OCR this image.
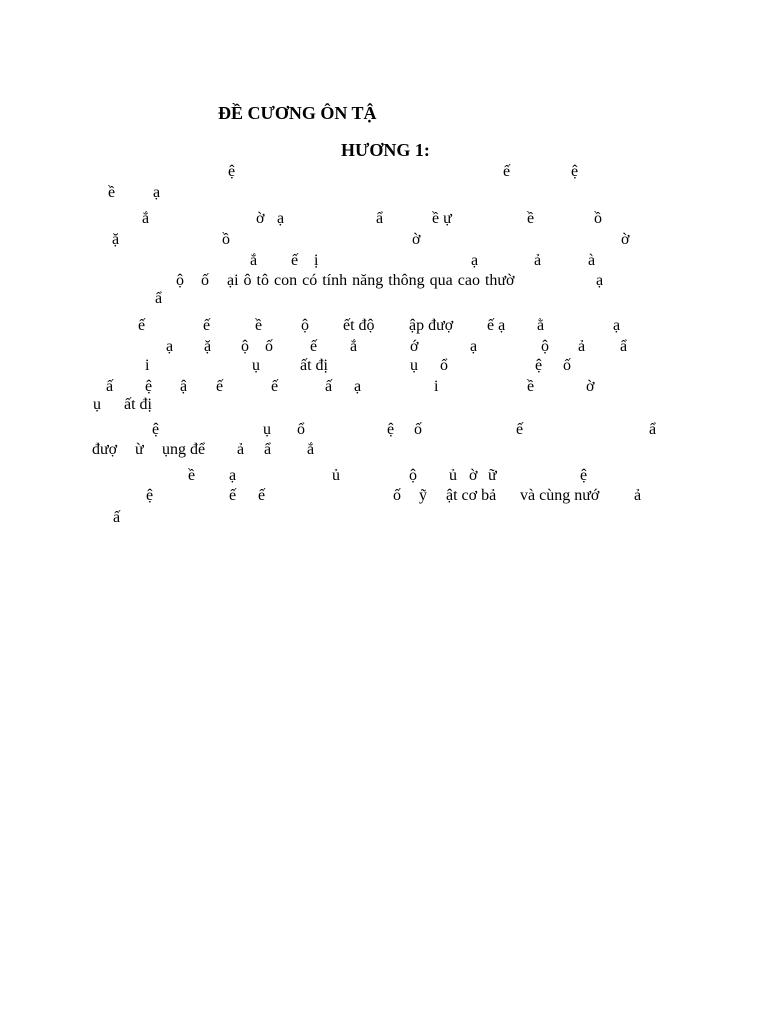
ĐỀ CƯƠNG ÔN TẬ
HƯƠNG 1:
ệ	ế	ệ
ề ạ
ắ	ờ ạ	ẩ	ề ự	ề	ồ
ặ	ồ	ờ	ờ
ắ ế ị	ạ	ả	à
ộ ố ại ô tô con có tính năng thông qua cao thườ	ạ
ẩ
ế	ế	ề ộ ết độ ập đượ ế ạ ằ	ạ
ạ ặ ộ ố ế ắ	ớ	ạ	ộ ả ẩ
i	ụ	ất đị	ụ ổ	ệ ố
ấ ệ ậ ế	ế	ấ ạ	i	ề	ờ
ụ ất đị
ệ	ụ ổ	ệ ố	ế	ẩ
đượ ừ ụng để ả ẩ ắ
ề ạ	ủ	ộ ủ ờ ữ	ệ
ệ	ế ế	ố ỹ ật cơ bả và cùng nướ ả
ấ
